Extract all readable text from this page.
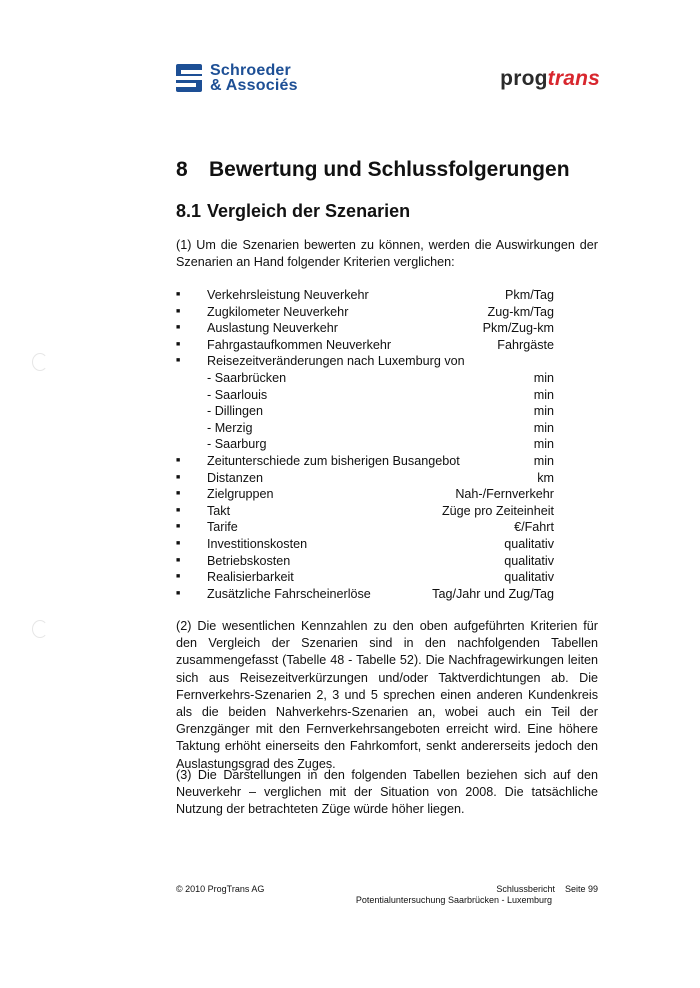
Schroeder
& Associés	progtrans
8 Bewertung und Schlussfolgerungen
8.1 Vergleich der Szenarien
(1) Um die Szenarien bewerten zu können, werden die Auswirkungen der Szenarien an Hand folgender Kriterien verglichen:
■	Verkehrsleistung Neuverkehr	Pkm/Tag
■	Zugkilometer Neuverkehr	Zug-km/Tag
■	Auslastung Neuverkehr	Pkm/Zug-km
■	Fahrgastaufkommen Neuverkehr	Fahrgäste
■	Reisezeitveränderungen nach Luxemburg von
- Saarbrücken	min
- Saarlouis	min
- Dillingen	min
- Merzig	min
- Saarburg	min
■	Zeitunterschiede zum bisherigen Busangebot	min
■	Distanzen	km
■	Zielgruppen	Nah-/Fernverkehr
■	Takt	Züge pro Zeiteinheit
■	Tarife	€/Fahrt
■	Investitionskosten	qualitativ
■	Betriebskosten	qualitativ
■	Realisierbarkeit	qualitativ
■	Zusätzliche Fahrscheinerlöse	Tag/Jahr und Zug/Tag
(2) Die wesentlichen Kennzahlen zu den oben aufgeführten Kriterien für den Vergleich der Szenarien sind in den nachfolgenden Tabellen zusammengefasst (Tabelle 48 - Tabelle 52). Die Nachfragewirkungen leiten sich aus Reisezeitverkürzungen und/oder Taktverdichtungen ab. Die Fernverkehrs-Szenarien 2, 3 und 5 sprechen einen anderen Kundenkreis als die beiden Nahverkehrs-Szenarien an, wobei auch ein Teil der Grenzgänger mit den Fernverkehrsangeboten erreicht wird. Eine höhere Taktung erhöht einerseits den Fahrkomfort, senkt andererseits jedoch den Auslastungsgrad des Zuges.
(3) Die Darstellungen in den folgenden Tabellen beziehen sich auf den Neuverkehr – verglichen mit der Situation von 2008. Die tatsächliche Nutzung der betrachteten Züge würde höher liegen.
© 2010 ProgTrans AG	Schlussbericht Seite 99
Potentialuntersuchung Saarbrücken - Luxemburg
